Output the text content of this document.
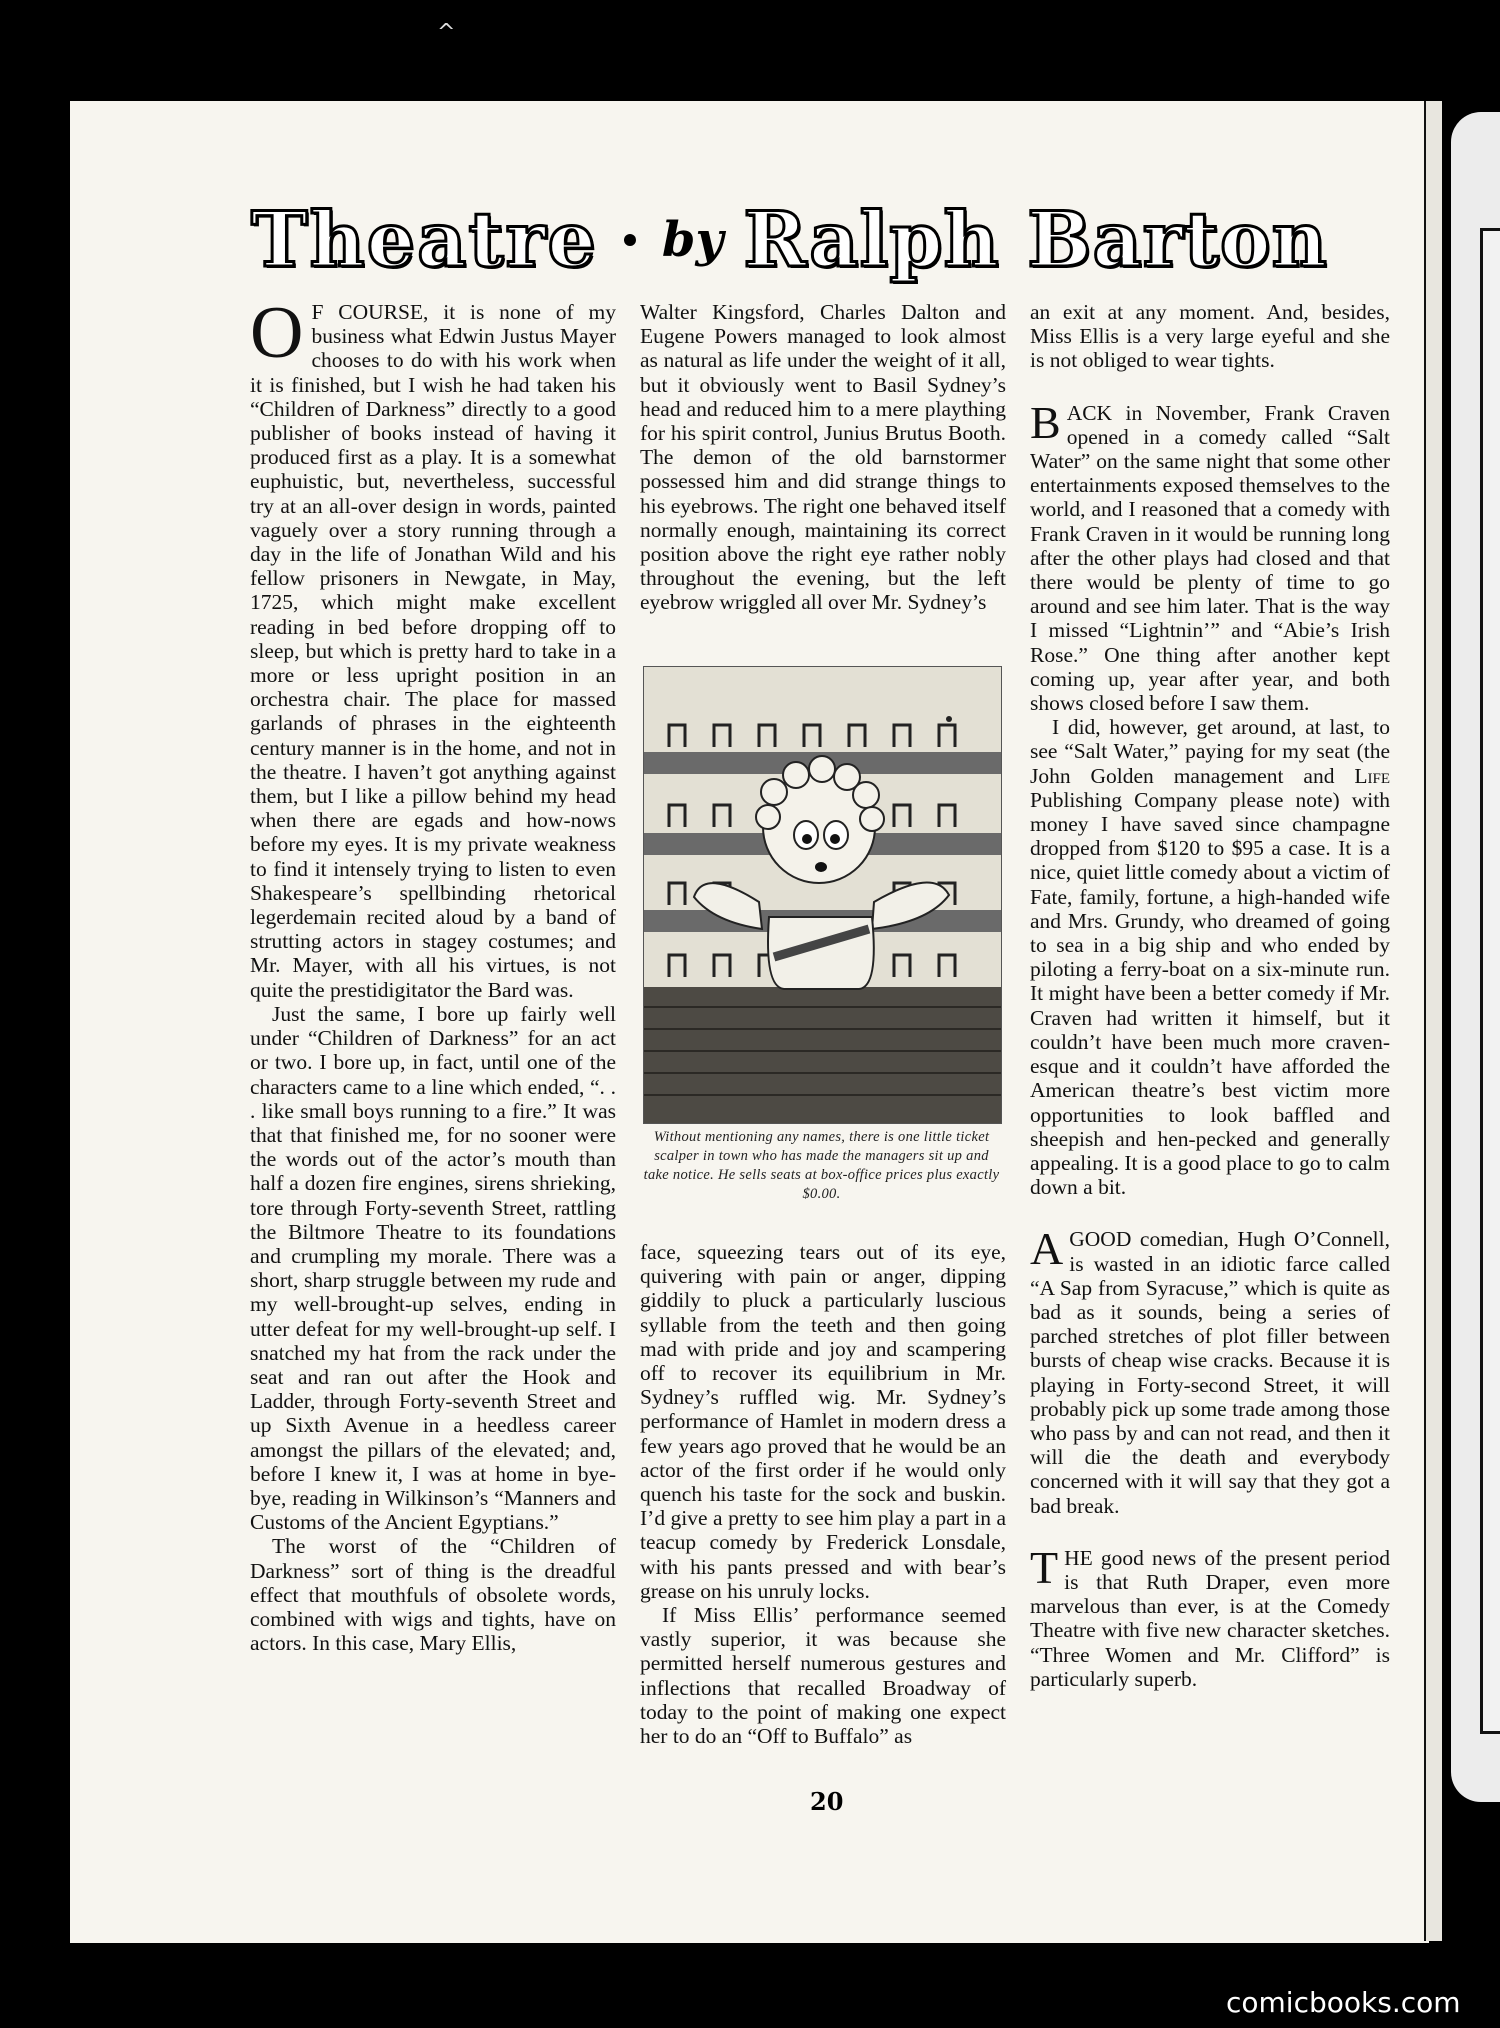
^
Theatre by Ralph Barton

O F COURSE, it is none of my business what Edwin Justus Mayer chooses to do with his work when it is finished, but I wish he had taken his “Children of Darkness” directly to a good publisher of books instead of having it produced first as a play. It is a somewhat euphuistic, but, nevertheless, successful try at an all-over design in words, painted vaguely over a story running through a day in the life of Jonathan Wild and his fellow prisoners in Newgate, in May, 1725, which might make excellent reading in bed before dropping off to sleep, but which is pretty hard to take in a more or less upright position in an orchestra chair. The place for massed garlands of phrases in the eighteenth century manner is in the home, and not in the theatre. I haven’t got anything against them, but I like a pillow behind my head when there are egads and how-nows before my eyes. It is my private weakness to find it intensely trying to listen to even Shakespeare’s spellbinding rhetorical legerdemain recited aloud by a band of strutting actors in stagey costumes; and Mr. Mayer, with all his virtues, is not quite the prestidigitator the Bard was.

Just the same, I bore up fairly well under “Children of Darkness” for an act or two. I bore up, in fact, until one of the characters came to a line which ended, “. . . like small boys running to a fire.” It was that that finished me, for no sooner were the words out of the actor’s mouth than half a dozen fire engines, sirens shrieking, tore through Forty-seventh Street, rattling the Biltmore Theatre to its foundations and crumpling my morale. There was a short, sharp struggle between my rude and my well-brought-up selves, ending in utter defeat for my well-brought-up self. I snatched my hat from the rack under the seat and ran out after the Hook and Ladder, through Forty-seventh Street and up Sixth Avenue in a heedless career amongst the pillars of the elevated; and, before I knew it, I was at home in bye-bye, reading in Wilkinson’s “Manners and Customs of the Ancient Egyptians.”

The worst of the “Children of Darkness” sort of thing is the dreadful effect that mouthfuls of obsolete words, combined with wigs and tights, have on actors. In this case, Mary Ellis,

Walter Kingsford, Charles Dalton and Eugene Powers managed to look almost as natural as life under the weight of it all, but it obviously went to Basil Sydney’s head and reduced him to a mere plaything for his spirit control, Junius Brutus Booth. The demon of the old barnstormer possessed him and did strange things to his eyebrows. The right one behaved itself normally enough, maintaining its correct position above the right eye rather nobly throughout the evening, but the left eyebrow wriggled all over Mr. Sydney’s

Without mentioning any names, there is one little ticket scalper in town who has made the managers sit up and take notice. He sells seats at box-office prices plus exactly $0.00.

face, squeezing tears out of its eye, quivering with pain or anger, dipping giddily to pluck a particularly luscious syllable from the teeth and then going mad with pride and joy and scampering off to recover its equilibrium in Mr. Sydney’s ruffled wig. Mr. Sydney’s performance of Hamlet in modern dress a few years ago proved that he would be an actor of the first order if he would only quench his taste for the sock and buskin. I’d give a pretty to see him play a part in a teacup comedy by Frederick Lonsdale, with his pants pressed and with bear’s grease on his unruly locks.

If Miss Ellis’ performance seemed vastly superior, it was because she permitted herself numerous gestures and inflections that recalled Broadway of today to the point of making one expect her to do an “Off to Buffalo” as

an exit at any moment. And, besides, Miss Ellis is a very large eyeful and she is not obliged to wear tights.

BACK in November, Frank Craven opened in a comedy called “Salt Water” on the same night that some other entertainments exposed themselves to the world, and I reasoned that a comedy with Frank Craven in it would be running long after the other plays had closed and that there would be plenty of time to go around and see him later. That is the way I missed “Lightnin’” and “Abie’s Irish Rose.” One thing after another kept coming up, year after year, and both shows closed before I saw them.

I did, however, get around, at last, to see “Salt Water,” paying for my seat (the John Golden management and Life Publishing Company please note) with money I have saved since champagne dropped from $120 to $95 a case. It is a nice, quiet little comedy about a victim of Fate, family, fortune, a high-handed wife and Mrs. Grundy, who dreamed of going to sea in a big ship and who ended by piloting a ferry-boat on a six-minute run. It might have been a better comedy if Mr. Craven had written it himself, but it couldn’t have been much more craven-esque and it couldn’t have afforded the American theatre’s best victim more opportunities to look baffled and sheepish and hen-pecked and generally appealing. It is a good place to go to calm down a bit.

AGOOD comedian, Hugh O’Connell, is wasted in an idiotic farce called “A Sap from Syracuse,” which is quite as bad as it sounds, being a series of parched stretches of plot filler between bursts of cheap wise cracks. Because it is playing in Forty-second Street, it will probably pick up some trade among those who pass by and can not read, and then it will die the death and everybody concerned with it will say that they got a bad break.

THE good news of the present period is that Ruth Draper, even more marvelous than ever, is at the Comedy Theatre with five new character sketches. “Three Women and Mr. Clifford” is particularly superb.

20
comicbooks.com
